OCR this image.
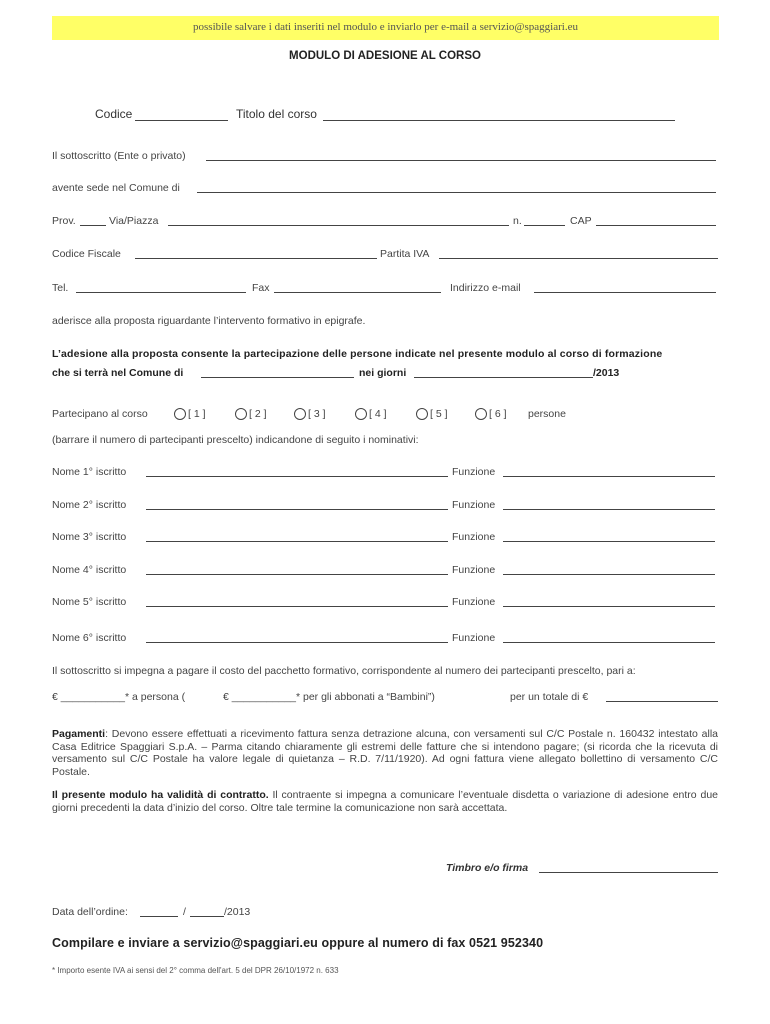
possibile salvare i dati inseriti nel modulo e inviarlo per e-mail a servizio@spaggiari.eu
MODULO DI ADESIONE AL CORSO
Codice	Titolo del corso
Il sottoscritto (Ente o privato)
avente sede nel Comune di
Prov.	Via/Piazza	n.	CAP
Codice Fiscale	Partita IVA
Tel.	Fax	Indirizzo e-mail
aderisce alla proposta riguardante l’intervento formativo in epigrafe.
L’adesione alla proposta consente la partecipazione delle persone indicate nel presente modulo al corso di formazione
che si terrà nel Comune di	nei giorni	/2013
Partecipano al corso	[ 1 ]	[ 2 ]	[ 3 ]	[ 4 ]	[ 5 ]	[ 6 ] persone
(barrare il numero di partecipanti prescelto) indicandone di seguito i nominativi:
Nome 1° iscritto	Funzione
Nome 2° iscritto	Funzione
Nome 3° iscritto	Funzione
Nome 4° iscritto	Funzione
Nome 5° iscritto	Funzione
Nome 6° iscritto	Funzione
Il sottoscritto si impegna a pagare il costo del pacchetto formativo, corrispondente al numero dei partecipanti prescelto, pari a:
€ ___________* a persona (	€ ___________* per gli abbonati a “Bambini”)	per un totale di €
Pagamenti: Devono essere effettuati a ricevimento fattura senza detrazione alcuna, con versamenti sul C/C Postale n. 160432 intestato alla Casa Editrice Spaggiari S.p.A. – Parma citando chiaramente gli estremi delle fatture che si intendono pagare; (si ricorda che la ricevuta di versamento sul C/C Postale ha valore legale di quietanza – R.D. 7/11/1920). Ad ogni fattura viene allegato bollettino di versamento C/C Postale.
Il presente modulo ha validità di contratto. Il contraente si impegna a comunicare l’eventuale disdetta o variazione di adesione entro due giorni precedenti la data d’inizio del corso. Oltre tale termine la comunicazione non sarà accettata.
Timbro e/o firma
Data dell’ordine:	/	/2013
Compilare e inviare a servizio@spaggiari.eu oppure al numero di fax 0521 952340
* Importo esente IVA ai sensi del 2° comma dell'art. 5 del DPR 26/10/1972 n. 633
